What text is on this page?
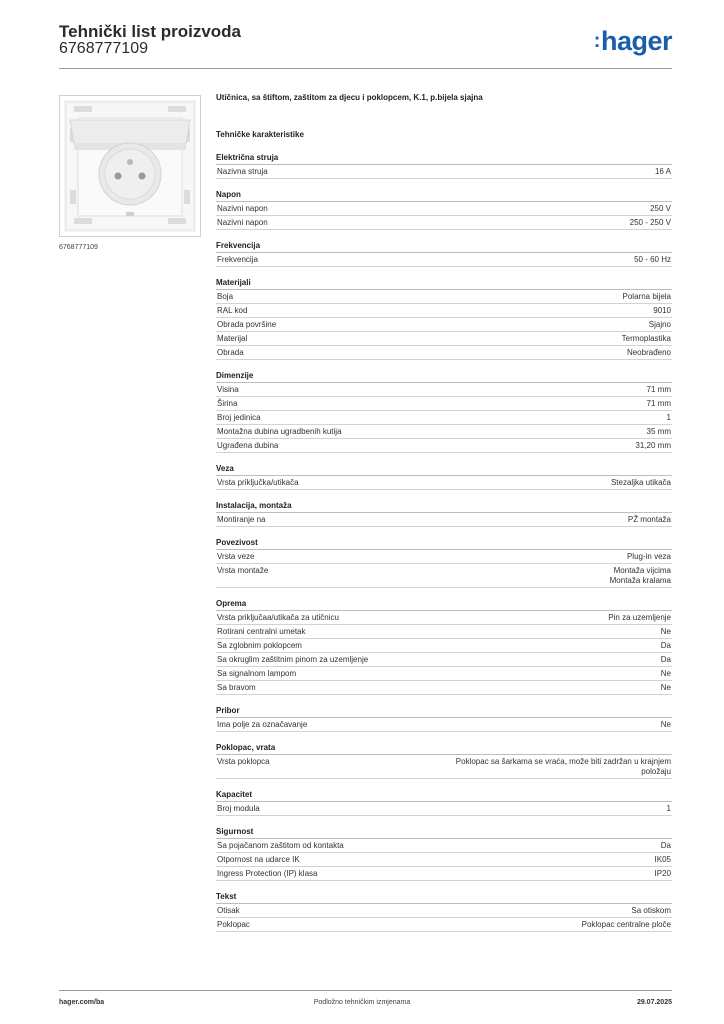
Tehnički list proizvoda
6768777109	:hager
6768777109
Utičnica, sa štiftom, zaštitom za djecu i poklopcem, K.1, p.bijela sjajna
Tehničke karakteristike
Električna struja
Nazivna struja	16 A
Napon
Nazivni napon	250 V
Nazivni napon	250 - 250 V
Frekvencija
Frekvencija	50 - 60 Hz
Materijali
Boja	Polarna bijela
RAL kod	9010
Obrada površine	Sjajno
Materijal	Termoplastika
Obrada	Neobrađeno
Dimenzije
Visina	71 mm
Širina	71 mm
Broj jedinica	1
Montažna dubina ugradbenih kutija	35 mm
Ugrađena dubina	31,20 mm
Veza
Vrsta priključka/utikača	Stezaljka utikača
Instalacija, montaža
Montiranje na	PŽ montaža
Povezivost
Vrsta veze	Plug-in veza
Vrsta montaže	Montaža vijcima
Montaža kralama
Oprema
Vrsta priključaa/utikača za utičnicu	Pin za uzemljenje
Rotirani centralni umetak	Ne
Sa zglobnim poklopcem	Da
Sa okruglim zaštitnim pinom za uzemljenje	Da
Sa signalnom lampom	Ne
Sa bravom	Ne
Pribor
Ima polje za označavanje	Ne
Poklopac, vrata
Vrsta poklopca	Poklopac sa šarkama se vraća, može biti zadržan u krajnjem
položaju
Kapacitet
Broj modula	1
Sigurnost
Sa pojačanom zaštitom od kontakta	Da
Otpornost na udarce IK	IK05
Ingress Protection (IP) klasa	IP20
Tekst
Otisak	Sa otiskom
Poklopac	Poklopac centralne ploče
hager.com/ba	Podložno tehničkim izmjenama	29.07.2025
